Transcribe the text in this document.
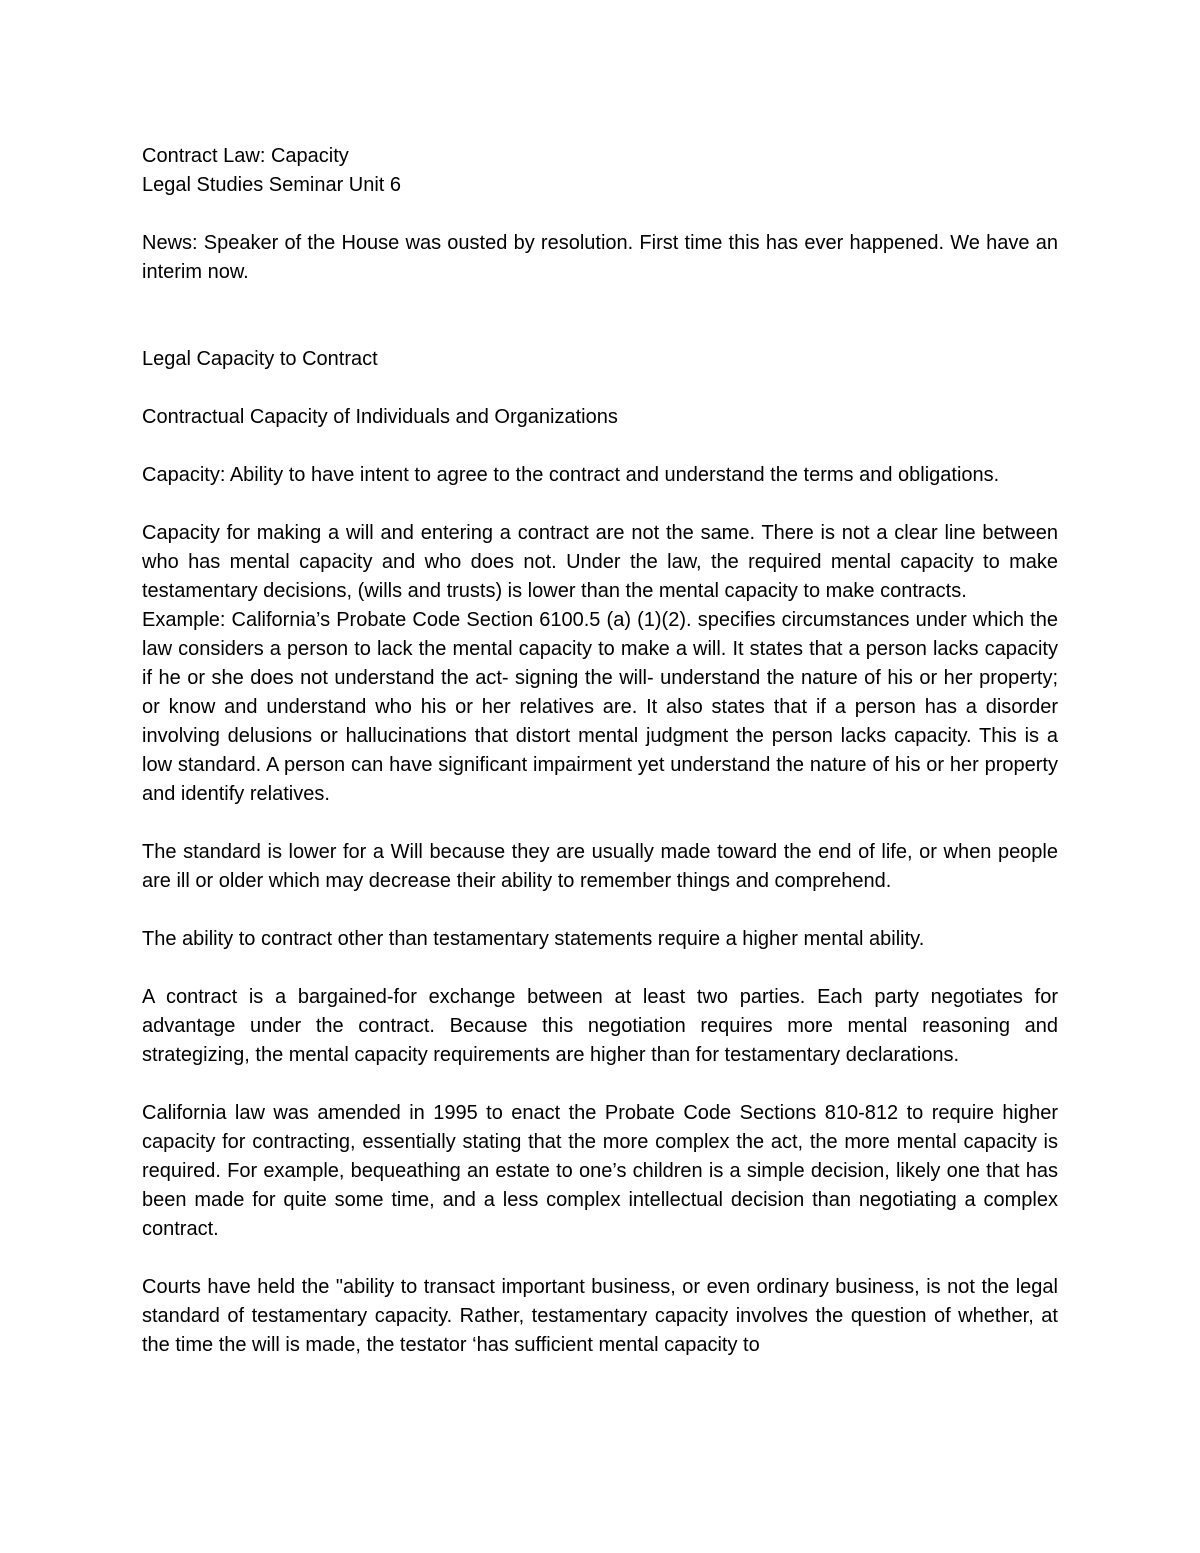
Contract Law: Capacity

Legal Studies Seminar Unit 6

News: Speaker of the House was ousted by resolution. First time this has ever happened. We have an interim now.

Legal Capacity to Contract

Contractual Capacity of Individuals and Organizations

Capacity: Ability to have intent to agree to the contract and understand the terms and obligations.

Capacity for making a will and entering a contract are not the same. There is not a clear line between who has mental capacity and who does not. Under the law, the required mental capacity to make testamentary decisions, (wills and trusts) is lower than the mental capacity to make contracts.

Example: California’s Probate Code Section 6100.5 (a) (1)(2). specifies circumstances under which the law considers a person to lack the mental capacity to make a will. It states that a person lacks capacity if he or she does not understand the act- signing the will- understand the nature of his or her property; or know and understand who his or her relatives are. It also states that if a person has a disorder involving delusions or hallucinations that distort mental judgment the person lacks capacity. This is a low standard. A person can have significant impairment yet understand the nature of his or her property and identify relatives.

The standard is lower for a Will because they are usually made toward the end of life, or when people are ill or older which may decrease their ability to remember things and comprehend.

The ability to contract other than testamentary statements require a higher mental ability.

A contract is a bargained-for exchange between at least two parties. Each party negotiates for advantage under the contract. Because this negotiation requires more mental reasoning and strategizing, the mental capacity requirements are higher than for testamentary declarations.

California law was amended in 1995 to enact the Probate Code Sections 810-812 to require higher capacity for contracting, essentially stating that the more complex the act, the more mental capacity is required. For example, bequeathing an estate to one’s children is a simple decision, likely one that has been made for quite some time, and a less complex intellectual decision than negotiating a complex contract.

Courts have held the "ability to transact important business, or even ordinary business, is not the legal standard of testamentary capacity. Rather, testamentary capacity involves the question of whether, at the time the will is made, the testator ‘has sufficient mental capacity to
